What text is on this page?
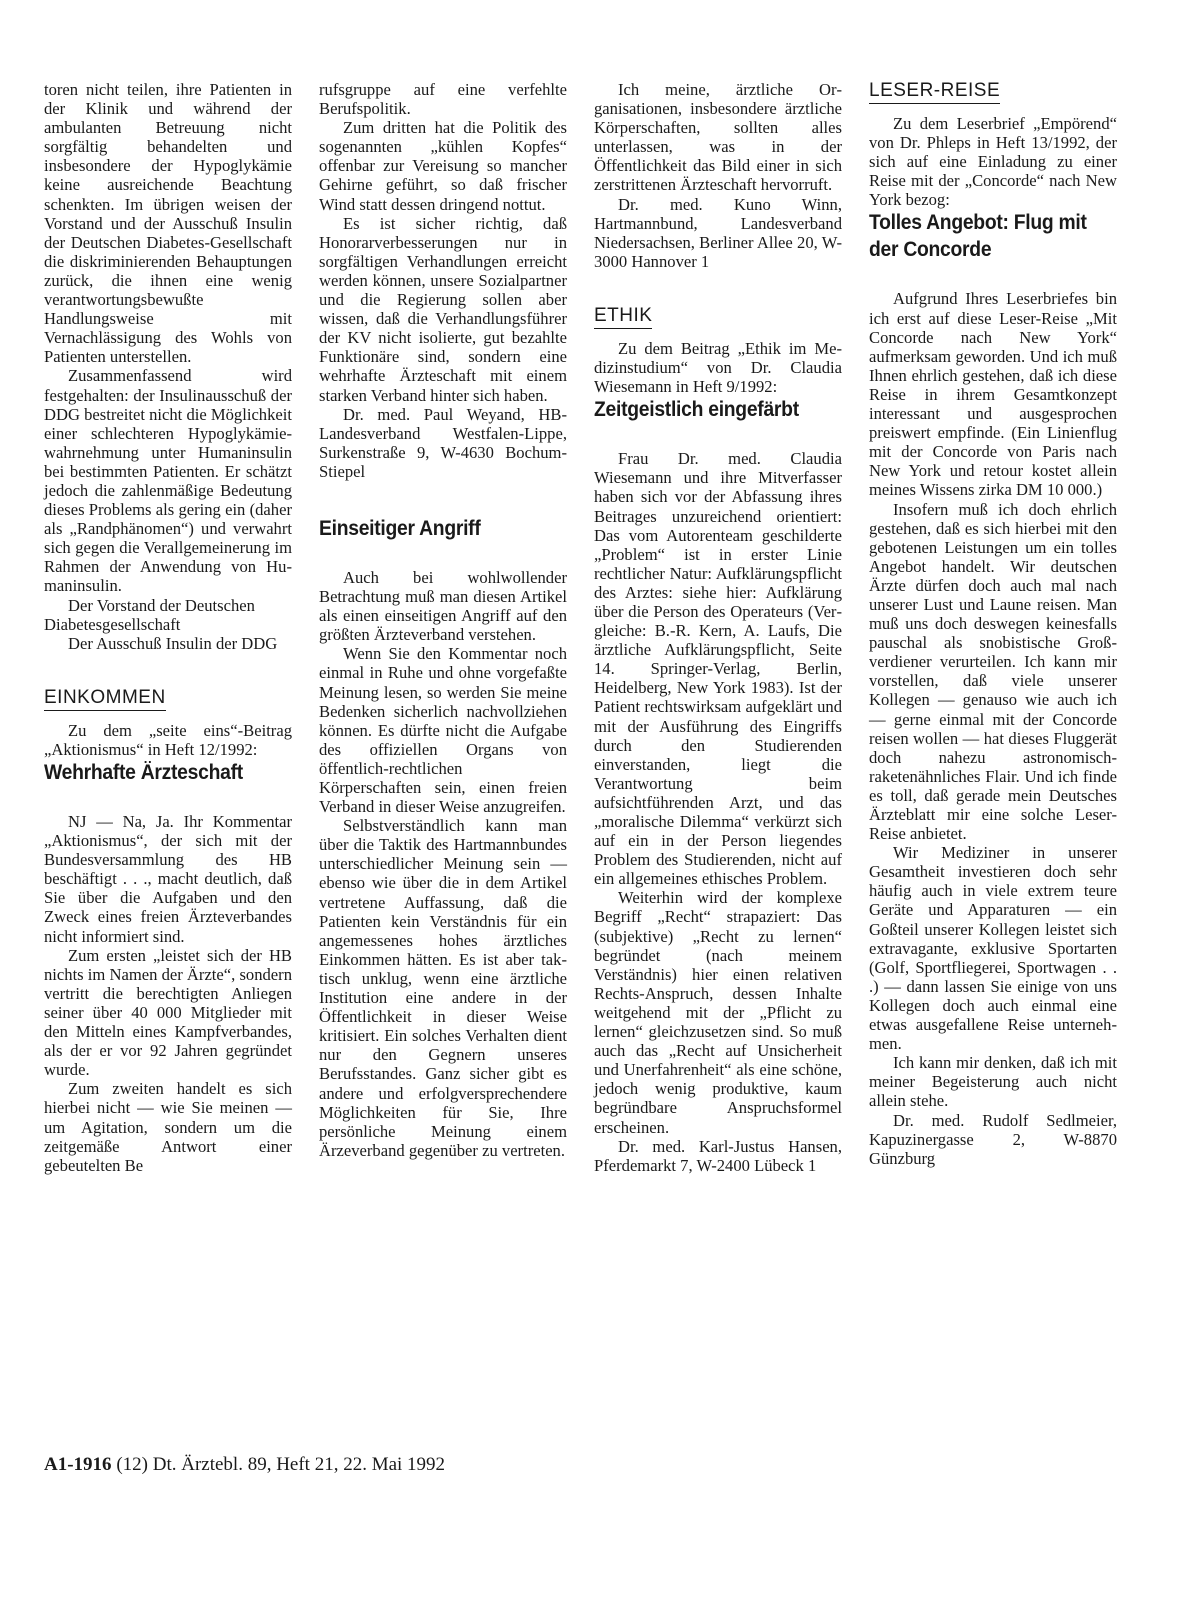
toren nicht teilen, ihre Patienten in der Klinik und während der ambulanten Betreuung nicht sorgfältig behandelten und insbesondere der Hypoglykämie keine ausreichende Beachtung schenkten. Im übrigen weisen der Vorstand und der Ausschuß Insulin der Deutschen Diabetes-Gesellschaft die diskriminierenden Behauptungen zurück, die ihnen eine wenig verantwortungsbewußte Handlungsweise mit Vernachlässigung des Wohls von Patienten unterstellen.

Zusammenfassend wird festgehalten: der Insulinausschuß der DDG bestreitet nicht die Möglichkeit einer schlechteren Hypoglykämiewahrnehmung unter Humaninsulin bei bestimmten Patienten. Er schätzt jedoch die zahlenmäßige Bedeutung dieses Problems als gering ein (daher als „Randphänomen“) und verwahrt sich gegen die Verallgemeinerung im Rahmen der Anwendung von Humaninsulin.

Der Vorstand der Deutschen Diabetesgesellschaft

Der Ausschuß Insulin der DDG

EINKOMMEN

Zu dem „seite eins“-Beitrag „Aktionismus“ in Heft 12/1992:

Wehrhafte Ärzteschaft

NJ — Na, Ja. Ihr Kommentar „Aktionismus“, der sich mit der Bundesversammlung des HB beschäftigt . . ., macht deutlich, daß Sie über die Aufgaben und den Zweck eines freien Ärzteverbandes nicht informiert sind.

Zum ersten „leistet sich der HB nichts im Namen der Ärzte“, sondern vertritt die berechtigten Anliegen seiner über 40 000 Mitglieder mit den Mitteln eines Kampfverbandes, als der er vor 92 Jahren gegründet wurde.

Zum zweiten handelt es sich hierbei nicht — wie Sie meinen — um Agitation, sondern um die zeitgemäße Antwort einer gebeutelten Be

rufsgruppe auf eine verfehlte Berufspolitik.

Zum dritten hat die Politik des sogenannten „kühlen Kopfes“ offenbar zur Vereisung so mancher Gehirne geführt, so daß frischer Wind statt dessen dringend nottut.

Es ist sicher richtig, daß Honorarverbesserungen nur in sorgfältigen Verhandlungen erreicht werden können, unsere Sozialpartner und die Regierung sollen aber wissen, daß die Verhandlungsführer der KV nicht isolierte, gut bezahlte Funktionäre sind, sondern eine wehrhafte Ärzteschaft mit einem starken Verband hinter sich haben.

Dr. med. Paul Weyand, HB-Landesverband Westfalen-Lippe, Surkenstraße 9, W-4630 Bochum-Stiepel

Einseitiger Angriff

Auch bei wohlwollender Betrachtung muß man diesen Artikel als einen einseitigen Angriff auf den größten Ärzteverband verstehen.

Wenn Sie den Kommentar noch einmal in Ruhe und ohne vorgefaßte Meinung lesen, so werden Sie meine Bedenken sicherlich nachvollziehen können. Es dürfte nicht die Aufgabe des offiziellen Organs von öffentlich-rechtlichen Körperschaften sein, einen freien Verband in dieser Weise anzugreifen.

Selbstverständlich kann man über die Taktik des Hartmannbundes unterschiedlicher Meinung sein — ebenso wie über die in dem Artikel vertretene Auffassung, daß die Patienten kein Verständnis für ein angemessenes hohes ärztliches Einkommen hätten. Es ist aber taktisch unklug, wenn eine ärztliche Institution eine andere in der Öffentlichkeit in dieser Weise kritisiert. Ein solches Verhalten dient nur den Gegnern unseres Berufsstandes. Ganz sicher gibt es andere und erfolgversprechendere Möglichkeiten für Sie, Ihre persönliche Meinung einem Ärzeverband gegenüber zu vertreten.

Ich meine, ärztliche Organisationen, insbesondere ärztliche Körperschaften, sollten alles unterlassen, was in der Öffentlichkeit das Bild einer in sich zerstrittenen Ärzteschaft hervorruft.

Dr. med. Kuno Winn, Hartmannbund, Landesverband Niedersachsen, Berliner Allee 20, W-3000 Hannover 1

ETHIK

Zu dem Beitrag „Ethik im Medizinstudium“ von Dr. Claudia Wiesemann in Heft 9/1992:

Zeitgeistlich eingefärbt

Frau Dr. med. Claudia Wiesemann und ihre Mitverfasser haben sich vor der Abfassung ihres Beitrages unzureichend orientiert: Das vom Autorenteam geschilderte „Problem“ ist in erster Linie rechtlicher Natur: Aufklärungspflicht des Arztes: siehe hier: Aufklärung über die Person des Operateurs (Vergleiche: B.-R. Kern, A. Laufs, Die ärztliche Aufklärungspflicht, Seite 14. Springer-Verlag, Berlin, Heidelberg, New York 1983). Ist der Patient rechtswirksam aufgeklärt und mit der Ausführung des Eingriffs durch den Studierenden einverstanden, liegt die Verantwortung beim aufsichtführenden Arzt, und das „moralische Dilemma“ verkürzt sich auf ein in der Person liegendes Problem des Studierenden, nicht auf ein allgemeines ethisches Problem.

Weiterhin wird der komplexe Begriff „Recht“ strapaziert: Das (subjektive) „Recht zu lernen“ begründet (nach meinem Verständnis) hier einen relativen Rechts-Anspruch, dessen Inhalte weitgehend mit der „Pflicht zu lernen“ gleichzusetzen sind. So muß auch das „Recht auf Unsicherheit und Unerfahrenheit“ als eine schöne, jedoch wenig produktive, kaum begründbare Anspruchsformel erscheinen.

Dr. med. Karl-Justus Hansen, Pferdemarkt 7, W-2400 Lübeck 1

LESER-REISE

Zu dem Leserbrief „Empörend“ von Dr. Phleps in Heft 13/1992, der sich auf eine Einladung zu einer Reise mit der „Concorde“ nach New York bezog:

Tolles Angebot: Flug mit der Concorde

Aufgrund Ihres Leserbriefes bin ich erst auf diese Leser-Reise „Mit Concorde nach New York“ aufmerksam geworden. Und ich muß Ihnen ehrlich gestehen, daß ich diese Reise in ihrem Gesamtkonzept interessant und ausgesprochen preiswert empfinde. (Ein Linienflug mit der Concorde von Paris nach New York und retour kostet allein meines Wissens zirka DM 10 000.)

Insofern muß ich doch ehrlich gestehen, daß es sich hierbei mit den gebotenen Leistungen um ein tolles Angebot handelt. Wir deutschen Ärzte dürfen doch auch mal nach unserer Lust und Laune reisen. Man muß uns doch deswegen keinesfalls pauschal als snobistische Großverdiener verurteilen. Ich kann mir vorstellen, daß viele unserer Kollegen — genauso wie auch ich — gerne einmal mit der Concorde reisen wollen — hat dieses Fluggerät doch nahezu astronomisch-raketenähnliches Flair. Und ich finde es toll, daß gerade mein Deutsches Ärzteblatt mir eine solche Leser-Reise anbietet.

Wir Mediziner in unserer Gesamtheit investieren doch sehr häufig auch in viele extrem teure Geräte und Apparaturen — ein Goßteil unserer Kollegen leistet sich extravagante, exklusive Sportarten (Golf, Sportfliegerei, Sportwagen . . .) — dann lassen Sie einige von uns Kollegen doch auch einmal eine etwas ausgefallene Reise unternehmen.

Ich kann mir denken, daß ich mit meiner Begeisterung auch nicht allein stehe.

Dr. med. Rudolf Sedlmeier, Kapuzinergasse 2, W-8870 Günzburg

A1-1916 (12) Dt. Ärztebl. 89, Heft 21, 22. Mai 1992
